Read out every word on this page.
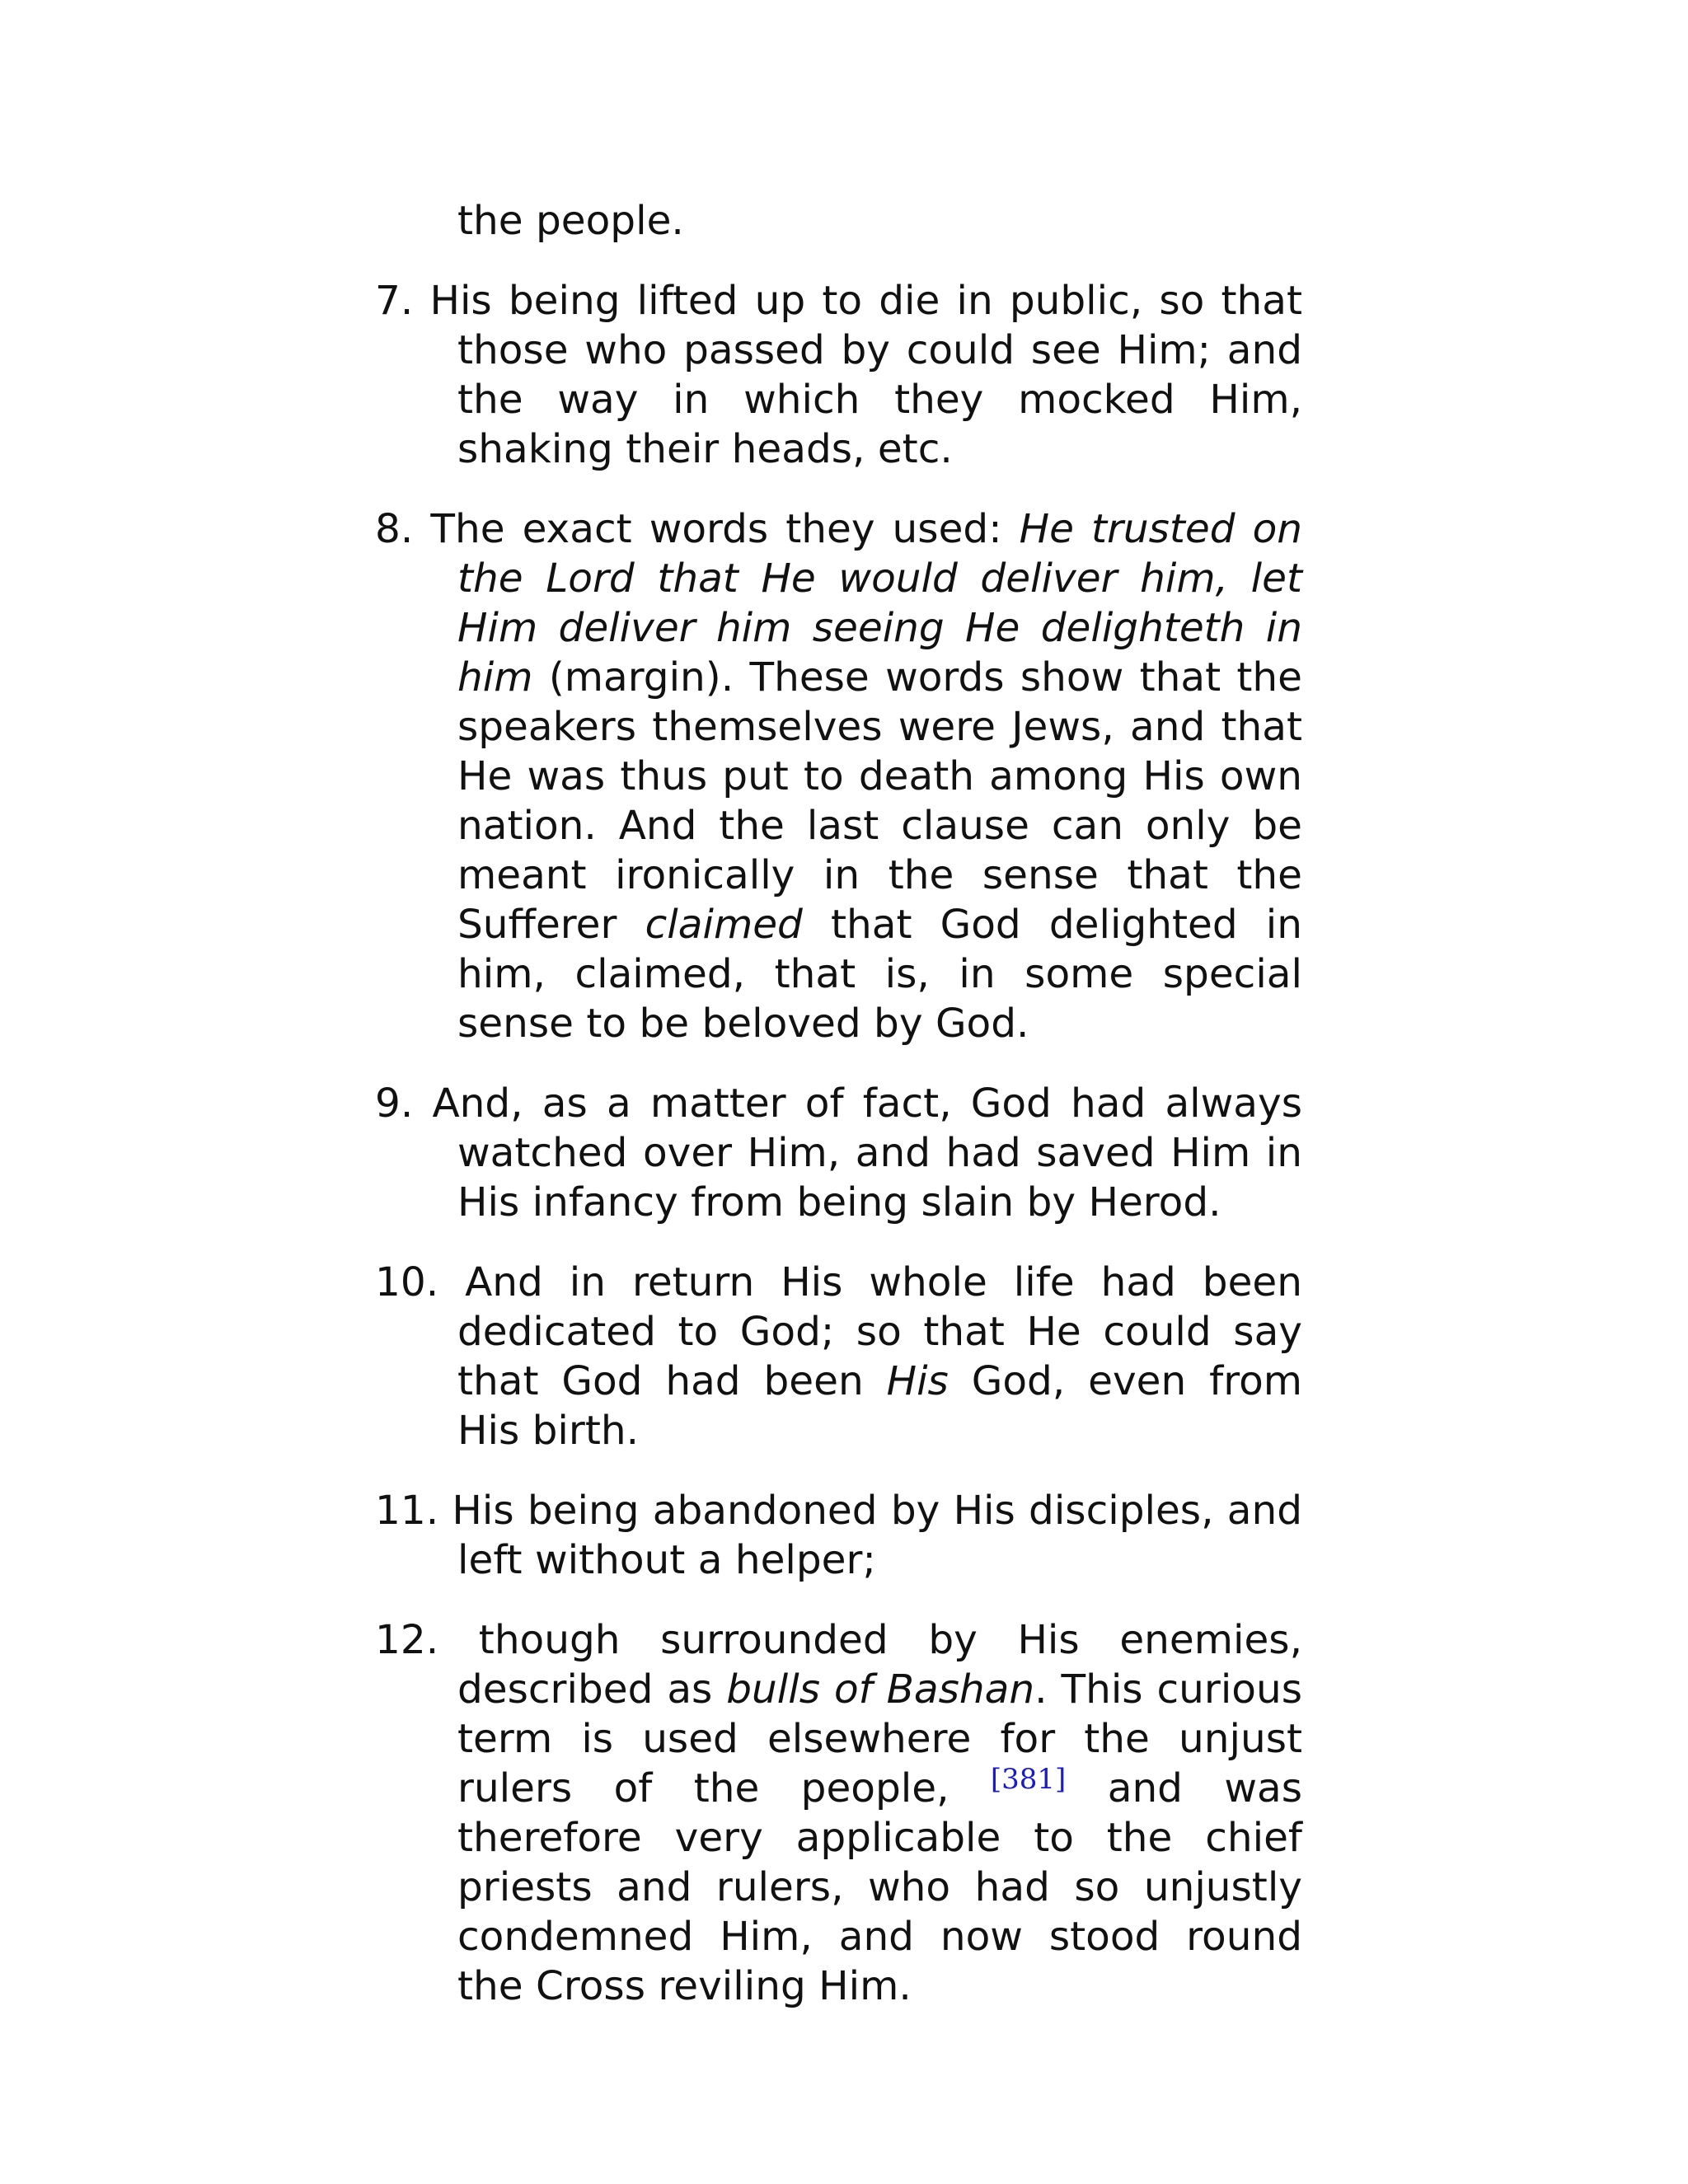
the people.

7. His being lifted up to die in public, so that those who passed by could see Him; and the way in which they mocked Him, shaking their heads, etc.

8. The exact words they used: He trusted on the Lord that He would deliver him, let Him deliver him seeing He delighteth in him (margin). These words show that the speakers themselves were Jews, and that He was thus put to death among His own nation. And the last clause can only be meant ironically in the sense that the Sufferer claimed that God delighted in him, claimed, that is, in some special sense to be beloved by God.

9. And, as a matter of fact, God had always watched over Him, and had saved Him in His infancy from being slain by Herod.

10. And in return His whole life had been dedicated to God; so that He could say that God had been His God, even from His birth.

11. His being abandoned by His disciples, and left without a helper;

12. though surrounded by His enemies, described as bulls of Bashan. This curious term is used elsewhere for the unjust rulers of the people, [381] and was therefore very applicable to the chief priests and rulers, who had so unjustly condemned Him, and now stood round the Cross reviling Him.
